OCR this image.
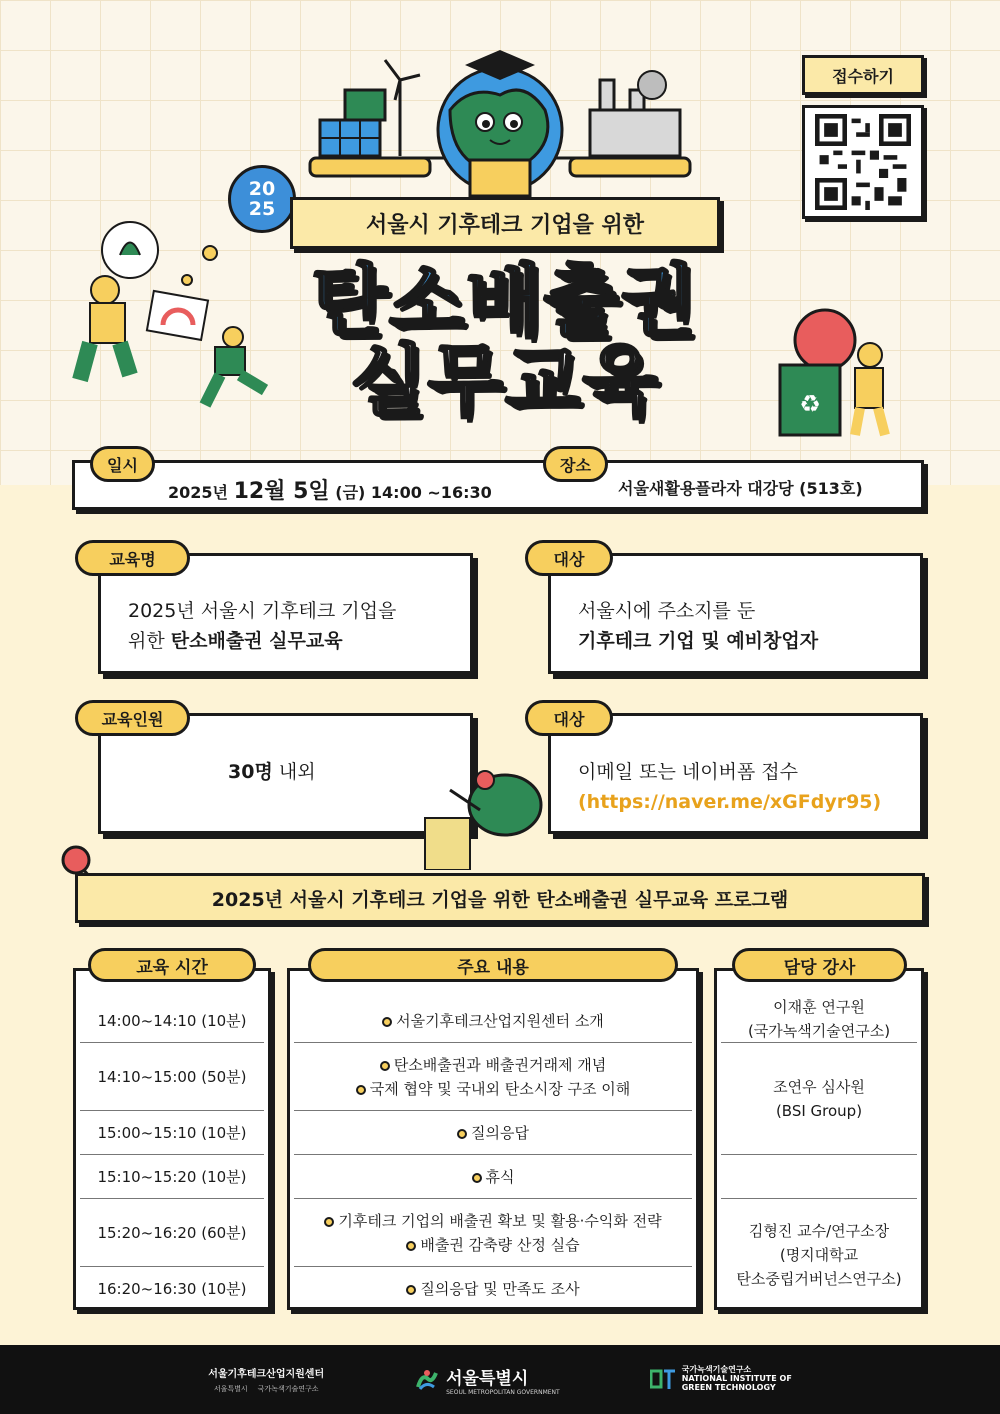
♻
20
25
서울시 기후테크 기업을 위한
탄소배출권
실무교육
접수하기
일시
2025년 12월 5일 (금) 14:00 ~16:30
장소
서울새활용플라자 대강당 (513호)
교육명
2025년 서울시 기후테크 기업을
위한 탄소배출권 실무교육
대상
서울시에 주소지를 둔
기후테크 기업 및 예비창업자
교육인원
30명 내외
대상
이메일 또는 네이버폼 접수
(https://naver.me/xGFdyr95)
2025년 서울시 기후테크 기업을 위한 탄소배출권 실무교육 프로그램
교육 시간	주요 내용	담당 강사
14:00~14:10 (10분)
14:10~15:00 (50분)
15:00~15:10 (10분)
15:10~15:20 (10분)
15:20~16:20 (60분)
16:20~16:30 (10분)
서울기후테크산업지원센터 소개
탄소배출권과 배출권거래제 개념
국제 협약 및 국내외 탄소시장 구조 이해
질의응답
휴식
기후테크 기업의 배출권 확보 및 활용·수익화 전략
배출권 감축량 산정 실습
질의응답 및 만족도 조사
이재훈 연구원
(국가녹색기술연구소)
조연우 심사원
(BSI Group)
김형진 교수/연구소장
(명지대학교
탄소중립거버넌스연구소)
서울기후테크산업지원센터
서울특별시 국가녹색기술연구소
서울특별시
SEOUL METROPOLITAN GOVERNMENT
국가녹색기술연구소
NATIONAL INSTITUTE OF
GREEN TECHNOLOGY
